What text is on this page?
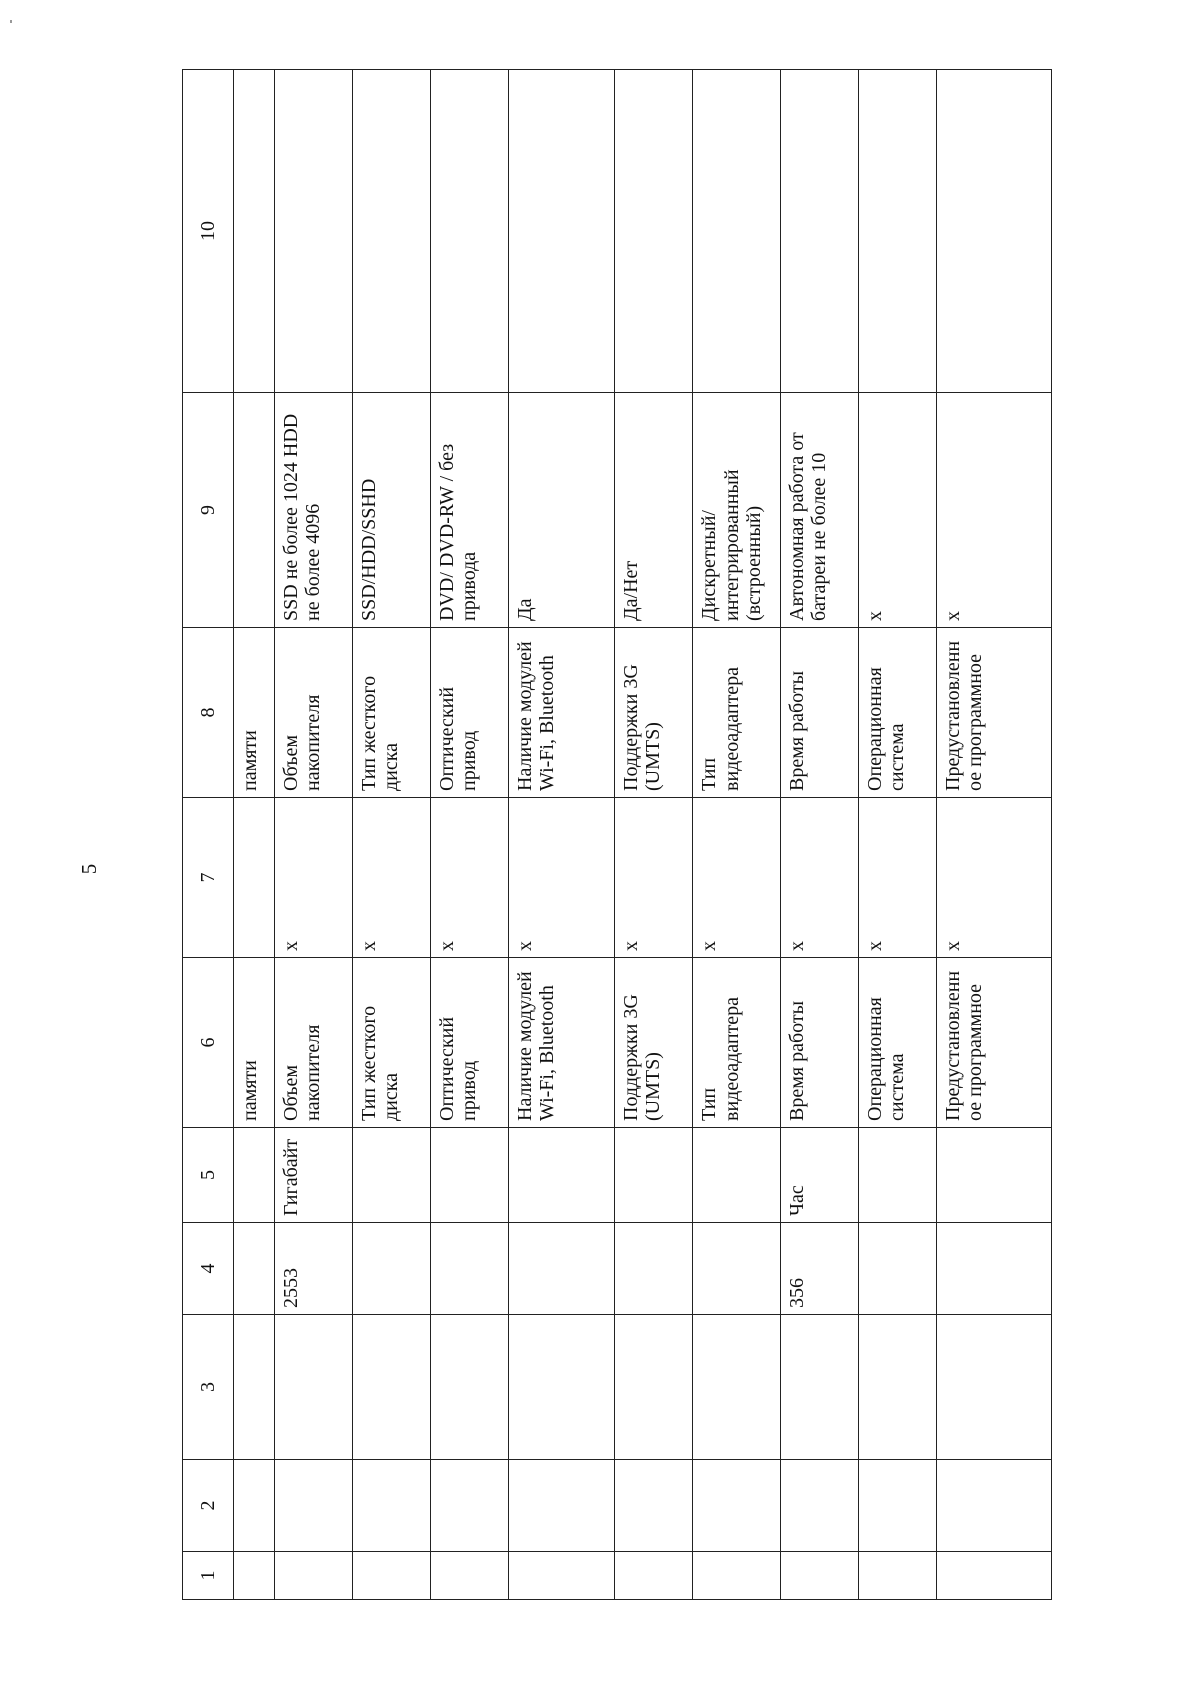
5
1	2	3	4	5	6	7	8	9	10
					памяти		памяти		
			2553	Гигабайт	Объем накопителя	x	Объем накопителя	SSD не более 1024 HDD не более 4096	
					Тип жесткого диска	x	Тип жесткого диска	SSD/HDD/SSHD	
					Оптический привод	x	Оптический привод	DVD/ DVD-RW / без привода	
					Наличие модулей Wi-Fi, Bluetooth	x	Наличие модулей Wi-Fi, Bluetooth	Да	
					Поддержки 3G (UMTS)	x	Поддержки 3G (UMTS)	Да/Нет	
					Тип видеоадаптера	x	Тип видеоадаптера	Дискретный/интегрированный (встроенный)	
			356	Час	Время работы	x	Время работы	Автономная работа от батареи не более 10	
					Операционная система	x	Операционная система	x	
					Предустановленное программное	x	Предустановленное программное	x	
